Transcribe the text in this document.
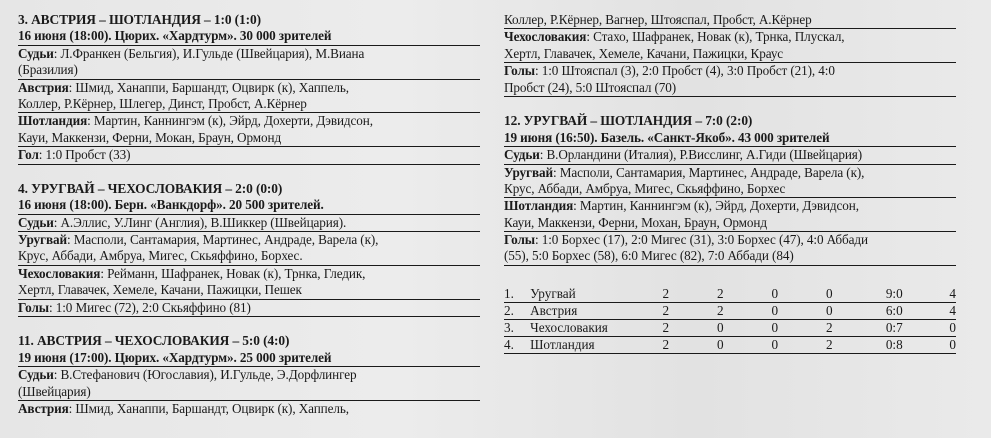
3. АВСТРИЯ – ШОТЛАНДИЯ – 1:0 (1:0)
16 июня (18:00). Цюрих. «Хардтурм». 30 000 зрителей
Судьи: Л.Франкен (Бельгия), И.Гульде (Швейцария), М.Виана
(Бразилия)
Австрия: Шмид, Ханаппи, Баршандт, Оцвирк (к), Хаппель,
Коллер, Р.Кёрнер, Шлегер, Динст, Пробст, А.Кёрнер
Шотландия: Мартин, Каннингэм (к), Эйрд, Дохерти, Дэвидсон,
Кауи, Маккензи, Ферни, Мокан, Браун, Ормонд
Гол: 1:0 Пробст (33)
4. УРУГВАЙ – ЧЕХОСЛОВАКИЯ – 2:0 (0:0)
16 июня (18:00). Берн. «Ванкдорф». 20 500 зрителей.
Судьи: А.Эллис, У.Линг (Англия), В.Шиккер (Швейцария).
Уругвай: Масполи, Сантамария, Мартинес, Андраде, Варела (к),
Крус, Аббади, Амбруа, Мигес, Скьяффино, Борхес.
Чехословакия: Рейманн, Шафранек, Новак (к), Трнка, Гледик,
Хертл, Главачек, Хемеле, Качани, Пажицки, Пешек
Голы: 1:0 Мигес (72), 2:0 Скьяффино (81)
11. АВСТРИЯ – ЧЕХОСЛОВАКИЯ – 5:0 (4:0)
19 июня (17:00). Цюрих. «Хардтурм». 25 000 зрителей
Судьи: В.Стефанович (Югославия), И.Гульде, Э.Дорфлингер
(Швейцария)
Австрия: Шмид, Ханаппи, Баршандт, Оцвирк (к), Хаппель,
Коллер, Р.Кёрнер, Вагнер, Штояспал, Пробст, А.Кёрнер
Чехословакия: Стахо, Шафранек, Новак (к), Трнка, Плускал,
Хертл, Главачек, Хемеле, Качани, Пажицки, Краус
Голы: 1:0 Штояспал (3), 2:0 Пробст (4), 3:0 Пробст (21), 4:0
Пробст (24), 5:0 Штояспал (70)
12. УРУГВАЙ – ШОТЛАНДИЯ – 7:0 (2:0)
19 июня (16:50). Базель. «Санкт-Якоб». 43 000 зрителей
Судьи: В.Орландини (Италия), Р.Висслинг, А.Гиди (Швейцария)
Уругвай: Масполи, Сантамария, Мартинес, Андраде, Варела (к),
Крус, Аббади, Амбруа, Мигес, Скьяффино, Борхес
Шотландия: Мартин, Каннингэм (к), Эйрд, Дохерти, Дэвидсон,
Кауи, Маккензи, Ферни, Мохан, Браун, Ормонд
Голы: 1:0 Борхес (17), 2:0 Мигес (31), 3:0 Борхес (47), 4:0 Аббади
(55), 5:0 Борхес (58), 6:0 Мигес (82), 7:0 Аббади (84)
1.	Уругвай	2	2	0	0	9:0	4
2.	Австрия	2	2	0	0	6:0	4
3.	Чехословакия	2	0	0	2	0:7	0
4.	Шотландия	2	0	0	2	0:8	0
